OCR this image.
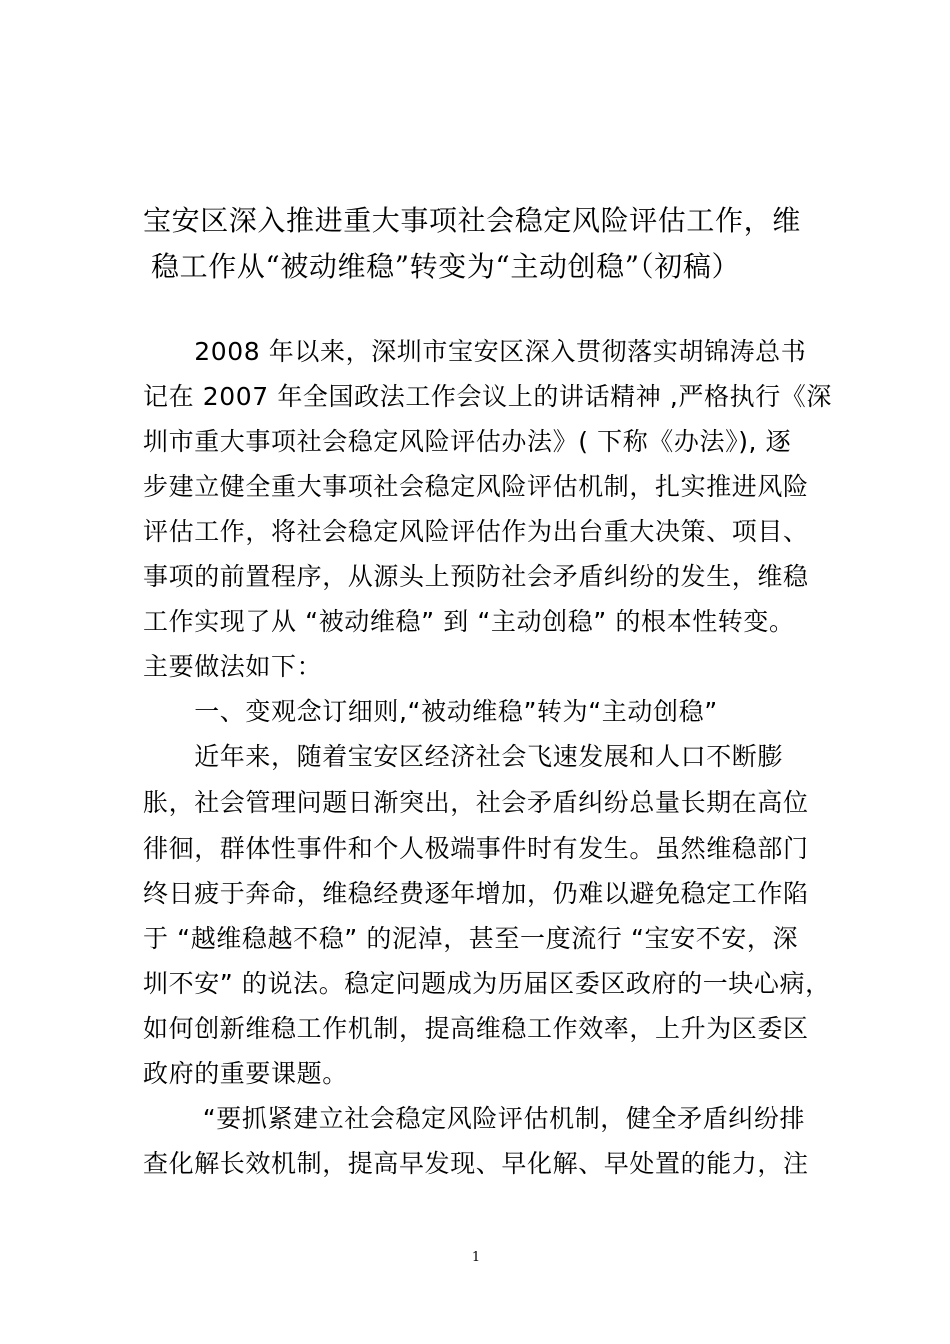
宝安区深入推进重大事项社会稳定风险评估工作，维
稳工作从“被动维稳”转变为“主动创稳”（初稿）

　　2008 年以来，深圳市宝安区深入贯彻落实胡锦涛总书

记在 2007 年全国政法工作会议上的讲话精神 ,严格执行《深

圳市重大事项社会稳定风险评估办法》( 下称《办法》), 逐

步建立健全重大事项社会稳定风险评估机制，扎实推进风险

评估工作，将社会稳定风险评估作为出台重大决策、项目、

事项的前置程序，从源头上预防社会矛盾纠纷的发生，维稳

工作实现了从 “被动维稳” 到 “主动创稳” 的根本性转变。

主要做法如下：

　　一、变观念订细则,“被动维稳”转为“主动创稳”

　　近年来，随着宝安区经济社会飞速发展和人口不断膨

胀，社会管理问题日渐突出，社会矛盾纠纷总量长期在高位

徘徊，群体性事件和个人极端事件时有发生。虽然维稳部门

终日疲于奔命，维稳经费逐年增加，仍难以避免稳定工作陷

于 “越维稳越不稳” 的泥淖，甚至一度流行 “宝安不安，深

圳不安” 的说法。稳定问题成为历届区委区政府的一块心病，

如何创新维稳工作机制，提高维稳工作效率，上升为区委区

政府的重要课题。

　　 “要抓紧建立社会稳定风险评估机制，健全矛盾纠纷排

查化解长效机制，提高早发现、早化解、早处置的能力，注

1
